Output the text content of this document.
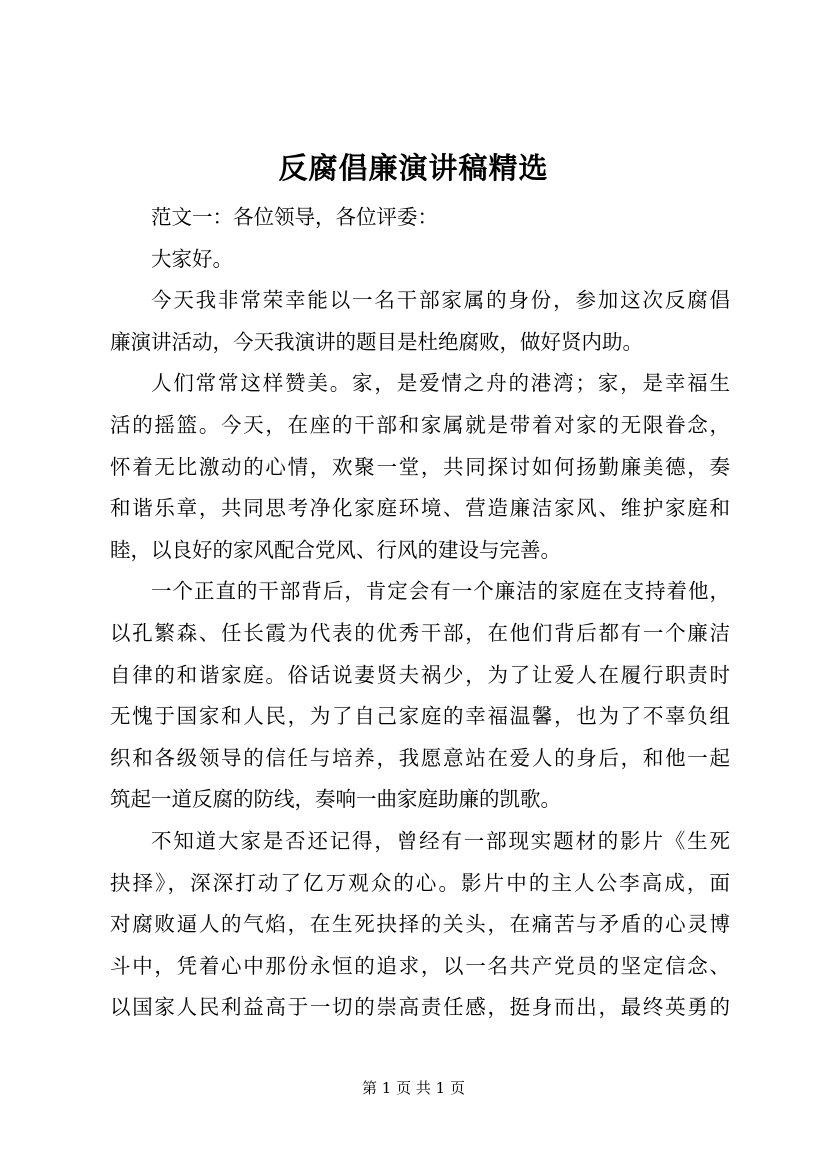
反腐倡廉演讲稿精选
范文一：各位领导，各位评委：
大家好。
今天我非常荣幸能以一名干部家属的身份，参加这次反腐倡
廉演讲活动，今天我演讲的题目是杜绝腐败，做好贤内助。
人们常常这样赞美。家，是爱情之舟的港湾；家，是幸福生
活的摇篮。今天，在座的干部和家属就是带着对家的无限眷念，
怀着无比激动的心情，欢聚一堂，共同探讨如何扬勤廉美德，奏
和谐乐章，共同思考净化家庭环境、营造廉洁家风、维护家庭和
睦，以良好的家风配合党风、行风的建设与完善。
一个正直的干部背后，肯定会有一个廉洁的家庭在支持着他，
以孔繁森、任长霞为代表的优秀干部，在他们背后都有一个廉洁
自律的和谐家庭。俗话说妻贤夫祸少，为了让爱人在履行职责时
无愧于国家和人民，为了自己家庭的幸福温馨，也为了不辜负组
织和各级领导的信任与培养，我愿意站在爱人的身后，和他一起
筑起一道反腐的防线，奏响一曲家庭助廉的凯歌。
不知道大家是否还记得，曾经有一部现实题材的影片《生死
抉择》，深深打动了亿万观众的心。影片中的主人公李高成，面
对腐败逼人的气焰，在生死抉择的关头，在痛苦与矛盾的心灵博
斗中，凭着心中那份永恒的追求，以一名共产党员的坚定信念、
以国家人民利益高于一切的崇高责任感，挺身而出，最终英勇的
第 1 页 共 1 页
